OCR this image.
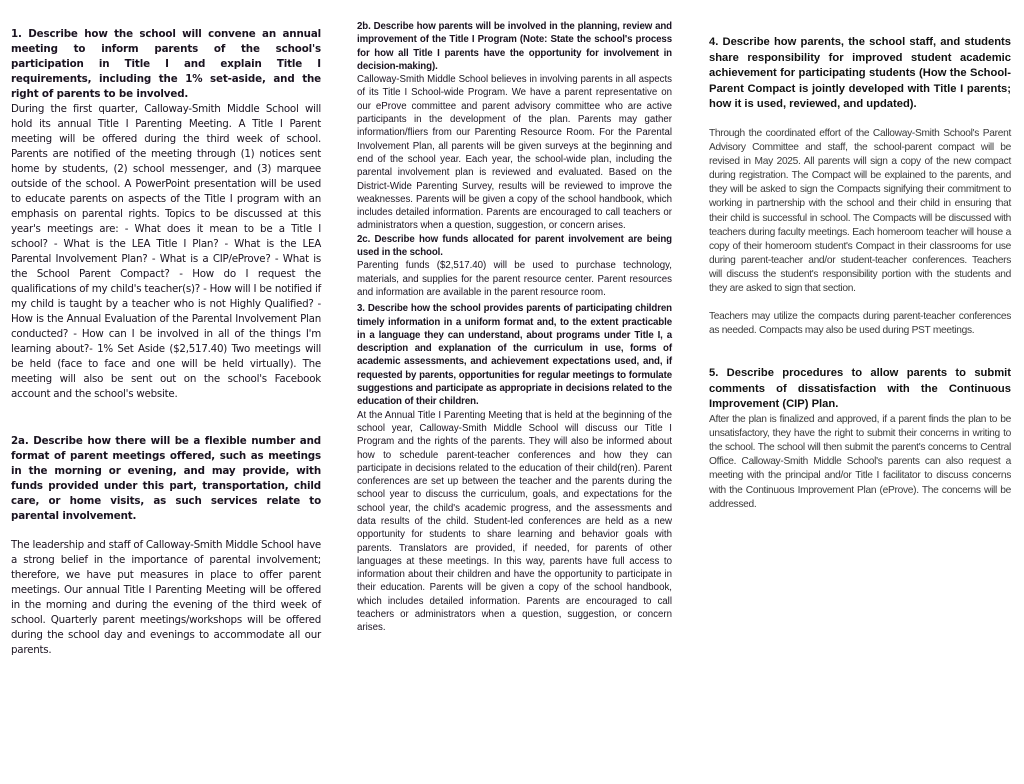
1. Describe how the school will convene an annual meeting to inform parents of the school's participation in Title I and explain Title I requirements, including the 1% set-aside, and the right of parents to be involved.

During the first quarter, Calloway-Smith Middle School will hold its annual Title I Parenting Meeting. A Title I Parent meeting will be offered during the third week of school. Parents are notified of the meeting through (1) notices sent home by students, (2) school messenger, and (3) marquee outside of the school. A PowerPoint presentation will be used to educate parents on aspects of the Title I program with an emphasis on parental rights. Topics to be discussed at this year's meetings are: - What does it mean to be a Title I school? - What is the LEA Title I Plan? - What is the LEA Parental Involvement Plan? - What is a CIP/eProve? - What is the School Parent Compact? - How do I request the qualifications of my child's teacher(s)? - How will I be notified if my child is taught by a teacher who is not Highly Qualified? - How is the Annual Evaluation of the Parental Involvement Plan conducted? - How can I be involved in all of the things I'm learning about?- 1% Set Aside ($2,517.40) Two meetings will be held (face to face and one will be held virtually). The meeting will also be sent out on the school's Facebook account and the school's website.

2a. Describe how there will be a flexible number and format of parent meetings offered, such as meetings in the morning or evening, and may provide, with funds provided under this part, transportation, child care, or home visits, as such services relate to parental involvement.

The leadership and staff of Calloway-Smith Middle School have a strong belief in the importance of parental involvement; therefore, we have put measures in place to offer parent meetings. Our annual Title I Parenting Meeting will be offered in the morning and during the evening of the third week of school. Quarterly parent meetings/workshops will be offered during the school day and evenings to accommodate all our parents.

2b. Describe how parents will be involved in the planning, review and improvement of the Title I Program (Note: State the school's process for how all Title I parents have the opportunity for involvement in decision-making).

Calloway-Smith Middle School believes in involving parents in all aspects of its Title I School-wide Program. We have a parent representative on our eProve committee and parent advisory committee who are active participants in the development of the plan. Parents may gather information/fliers from our Parenting Resource Room. For the Parental Involvement Plan, all parents will be given surveys at the beginning and end of the school year. Each year, the school-wide plan, including the parental involvement plan is reviewed and evaluated. Based on the District-Wide Parenting Survey, results will be reviewed to improve the weaknesses. Parents will be given a copy of the school handbook, which includes detailed information. Parents are encouraged to call teachers or administrators when a question, suggestion, or concern arises.

2c. Describe how funds allocated for parent involvement are being used in the school.

Parenting funds ($2,517.40) will be used to purchase technology, materials, and supplies for the parent resource center. Parent resources and information are available in the parent resource room.

3. Describe how the school provides parents of participating children timely information in a uniform format and, to the extent practicable in a language they can understand, about programs under Title I, a description and explanation of the curriculum in use, forms of academic assessments, and achievement expectations used, and, if requested by parents, opportunities for regular meetings to formulate suggestions and participate as appropriate in decisions related to the education of their children.

At the Annual Title I Parenting Meeting that is held at the beginning of the school year, Calloway-Smith Middle School will discuss our Title I Program and the rights of the parents. They will also be informed about how to schedule parent-teacher conferences and how they can participate in decisions related to the education of their child(ren). Parent conferences are set up between the teacher and the parents during the school year to discuss the curriculum, goals, and expectations for the school year, the child's academic progress, and the assessments and data results of the child. Student-led conferences are held as a new opportunity for students to share learning and behavior goals with parents. Translators are provided, if needed, for parents of other languages at these meetings. In this way, parents have full access to information about their children and have the opportunity to participate in their education. Parents will be given a copy of the school handbook, which includes detailed information. Parents are encouraged to call teachers or administrators when a question, suggestion, or concern arises.

4. Describe how parents, the school staff, and students share responsibility for improved student academic achievement for participating students (How the School-Parent Compact is jointly developed with Title I parents; how it is used, reviewed, and updated).

Through the coordinated effort of the Calloway-Smith School's Parent Advisory Committee and staff, the school-parent compact will be revised in May 2025. All parents will sign a copy of the new compact during registration. The Compact will be explained to the parents, and they will be asked to sign the Compacts signifying their commitment to working in partnership with the school and their child in ensuring that their child is successful in school. The Compacts will be discussed with teachers during faculty meetings. Each homeroom teacher will house a copy of their homeroom student's Compact in their classrooms for use during parent-teacher and/or student-teacher conferences. Teachers will discuss the student's responsibility portion with the students and they are asked to sign that section.

Teachers may utilize the compacts during parent-teacher conferences as needed. Compacts may also be used during PST meetings.

5. Describe procedures to allow parents to submit comments of dissatisfaction with the Continuous Improvement (CIP) Plan.

After the plan is finalized and approved, if a parent finds the plan to be unsatisfactory, they have the right to submit their concerns in writing to the school. The school will then submit the parent's concerns to Central Office. Calloway-Smith Middle School's parents can also request a meeting with the principal and/or Title I facilitator to discuss concerns with the Continuous Improvement Plan (eProve). The concerns will be addressed.
